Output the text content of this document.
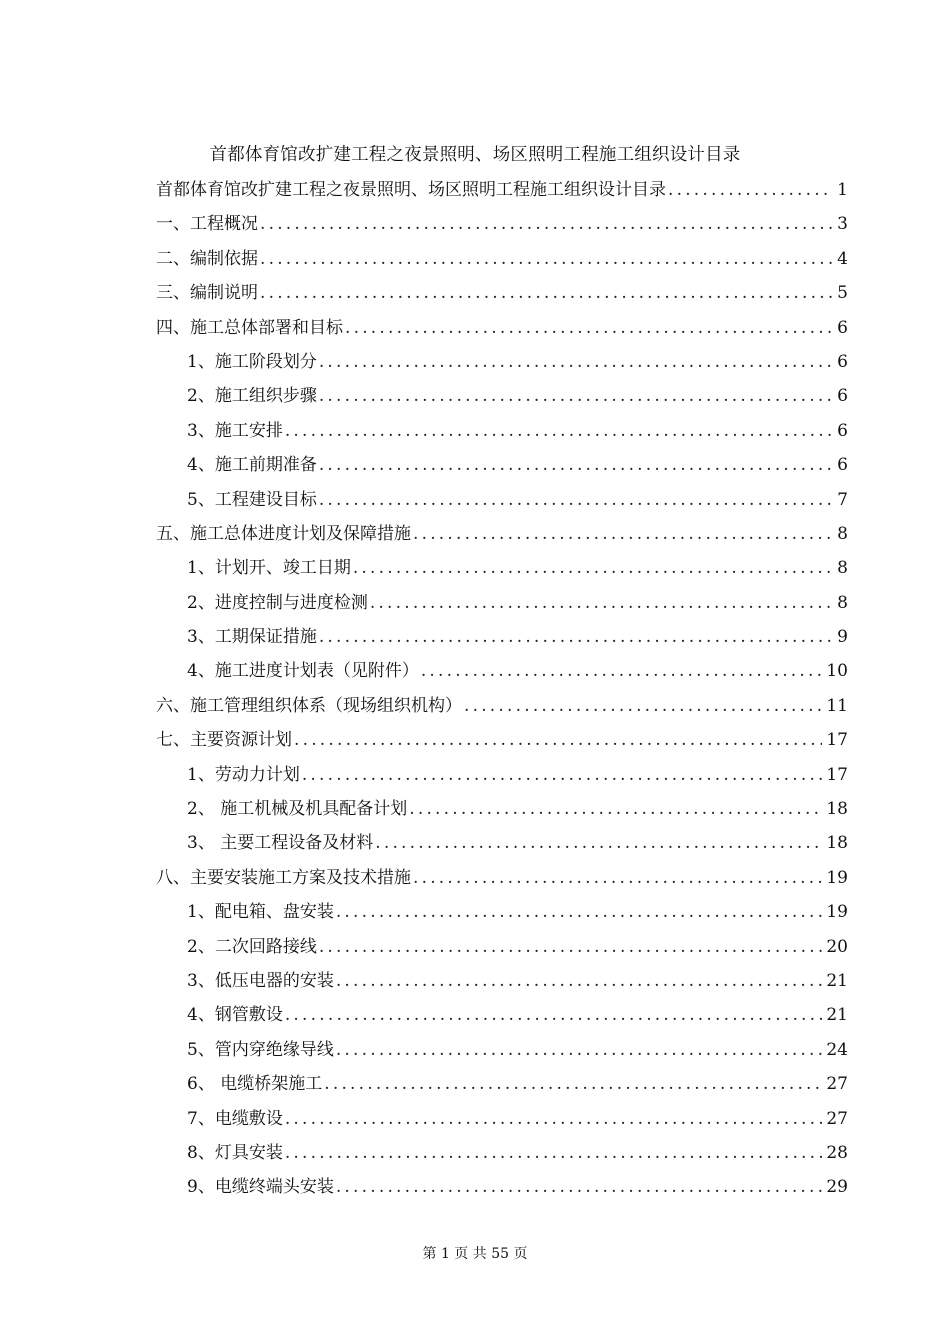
首都体育馆改扩建工程之夜景照明、场区照明工程施工组织设计目录
首都体育馆改扩建工程之夜景照明、场区照明工程施工组织设计目录 .....	1
一、工程概况 .....	3
二、编制依据 .....	4
三、编制说明 .....	5
四、施工总体部署和目标 .....	6
1、施工阶段划分 .....	6
2、施工组织步骤 .....	6
3、施工安排 .....	6
4、施工前期准备 .....	6
5、工程建设目标 .....	7
五、施工总体进度计划及保障措施 .....	8
1、计划开、竣工日期 .....	8
2、进度控制与进度检测 .....	8
3、工期保证措施 .....	9
4、施工进度计划表（见附件） .....	10
六、施工管理组织体系（现场组织机构） .....	11
七、主要资源计划 .....	17
1、劳动力计划 .....	17
2、 施工机械及机具配备计划 .....	18
3、 主要工程设备及材料 .....	18
八、主要安装施工方案及技术措施 .....	19
1、配电箱、盘安装 .....	19
2、二次回路接线 .....	20
3、低压电器的安装 .....	21
4、钢管敷设 .....	21
5、管内穿绝缘导线 .....	24
6、 电缆桥架施工 .....	27
7、电缆敷设 .....	27
8、灯具安装 .....	28
9、电缆终端头安装 .....	29
第 1 页 共 55 页
